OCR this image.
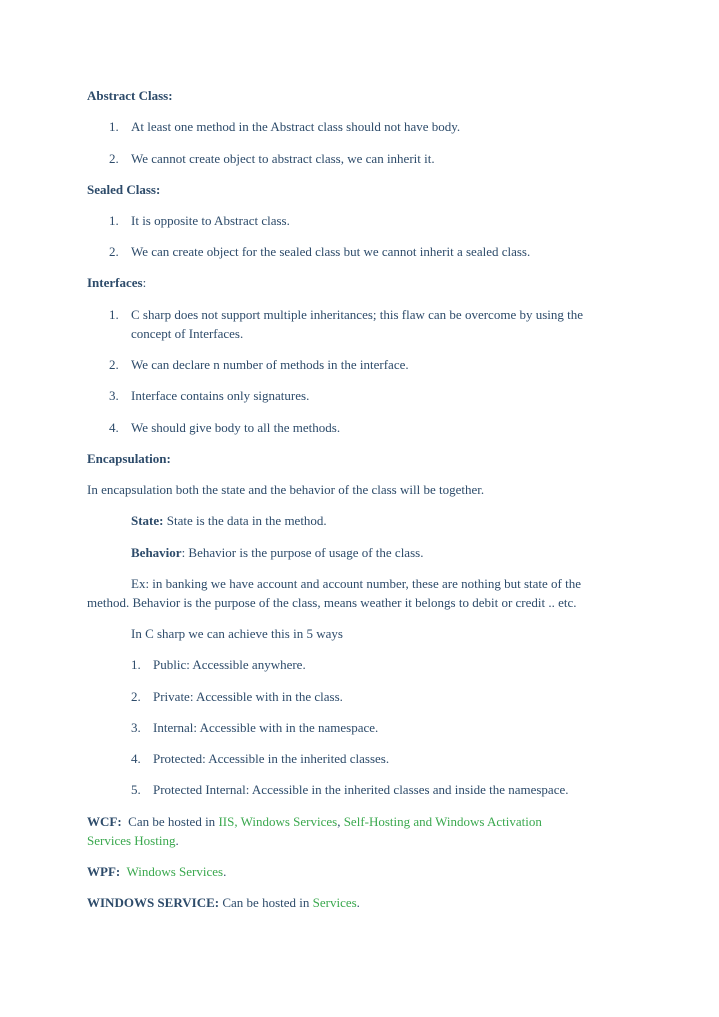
Abstract Class:
1. At least one method in the Abstract class should not have body.
2. We cannot create object to abstract class, we can inherit it.
Sealed Class:
1. It is opposite to Abstract class.
2. We can create object for the sealed class but we cannot inherit a sealed class.
Interfaces:
1. C sharp does not support multiple inheritances; this flaw can be overcome by using the
concept of Interfaces.
2. We can declare n number of methods in the interface.
3. Interface contains only signatures.
4. We should give body to all the methods.
Encapsulation:
In encapsulation both the state and the behavior of the class will be together.
State: State is the data in the method.
Behavior: Behavior is the purpose of usage of the class.
Ex: in banking we have account and account number, these are nothing but state of the
method. Behavior is the purpose of the class, means weather it belongs to debit or credit .. etc.
In C sharp we can achieve this in 5 ways
1. Public: Accessible anywhere.
2. Private: Accessible with in the class.
3. Internal: Accessible with in the namespace.
4. Protected: Accessible in the inherited classes.
5. Protected Internal: Accessible in the inherited classes and inside the namespace.
WCF:  Can be hosted in IIS, Windows Services, Self-Hosting and Windows Activation
Services Hosting.
WPF: Windows Services.
WINDOWS SERVICE: Can be hosted in Services.
